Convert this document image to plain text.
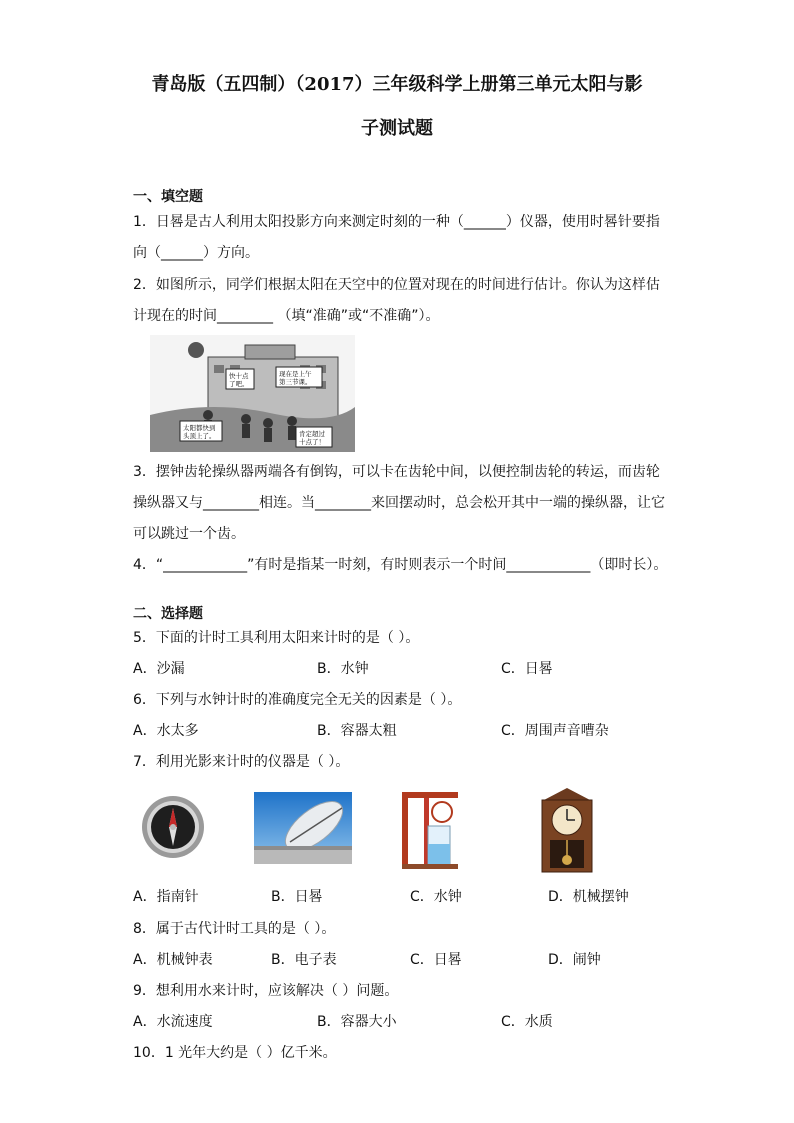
青岛版（五四制）（2017）三年级科学上册第三单元太阳与影
子测试题
一、填空题
1．日晷是古人利用太阳投影方向来测定时刻的一种（______）仪器，使用时晷针要指
向（______）方向。
2．如图所示，同学们根据太阳在天空中的位置对现在的时间进行估计。你认为这样估
计现在的时间________ （填“准确”或“不准确”）。
快十点
了吧。
现在是上午
第三节课。
太阳都快到
头顶上了。	肯定超过
十点了！
3．摆钟齿轮操纵器两端各有倒钩，可以卡在齿轮中间，以便控制齿轮的转运，而齿轮
操纵器又与________相连。当________来回摆动时，总会松开其中一端的操纵器，让它
可以跳过一个齿。
4．“____________”有时是指某一时刻，有时则表示一个时间____________（即时长）。
二、选择题
5．下面的计时工具利用太阳来计时的是（ ）。
A．沙漏	B．水钟	C．日晷
6．下列与水钟计时的准确度完全无关的因素是（ ）。
A．水太多	B．容器太粗	C．周围声音嘈杂
7．利用光影来计时的仪器是（ ）。
A．指南针	B．日晷	C．水钟	D．机械摆钟
8．属于古代计时工具的是（ ）。
A．机械钟表	B．电子表	C．日晷	D．闹钟
9．想利用水来计时，应该解决（ ）问题。
A．水流速度	B．容器大小	C．水质
10．1 光年大约是（ ）亿千米。
